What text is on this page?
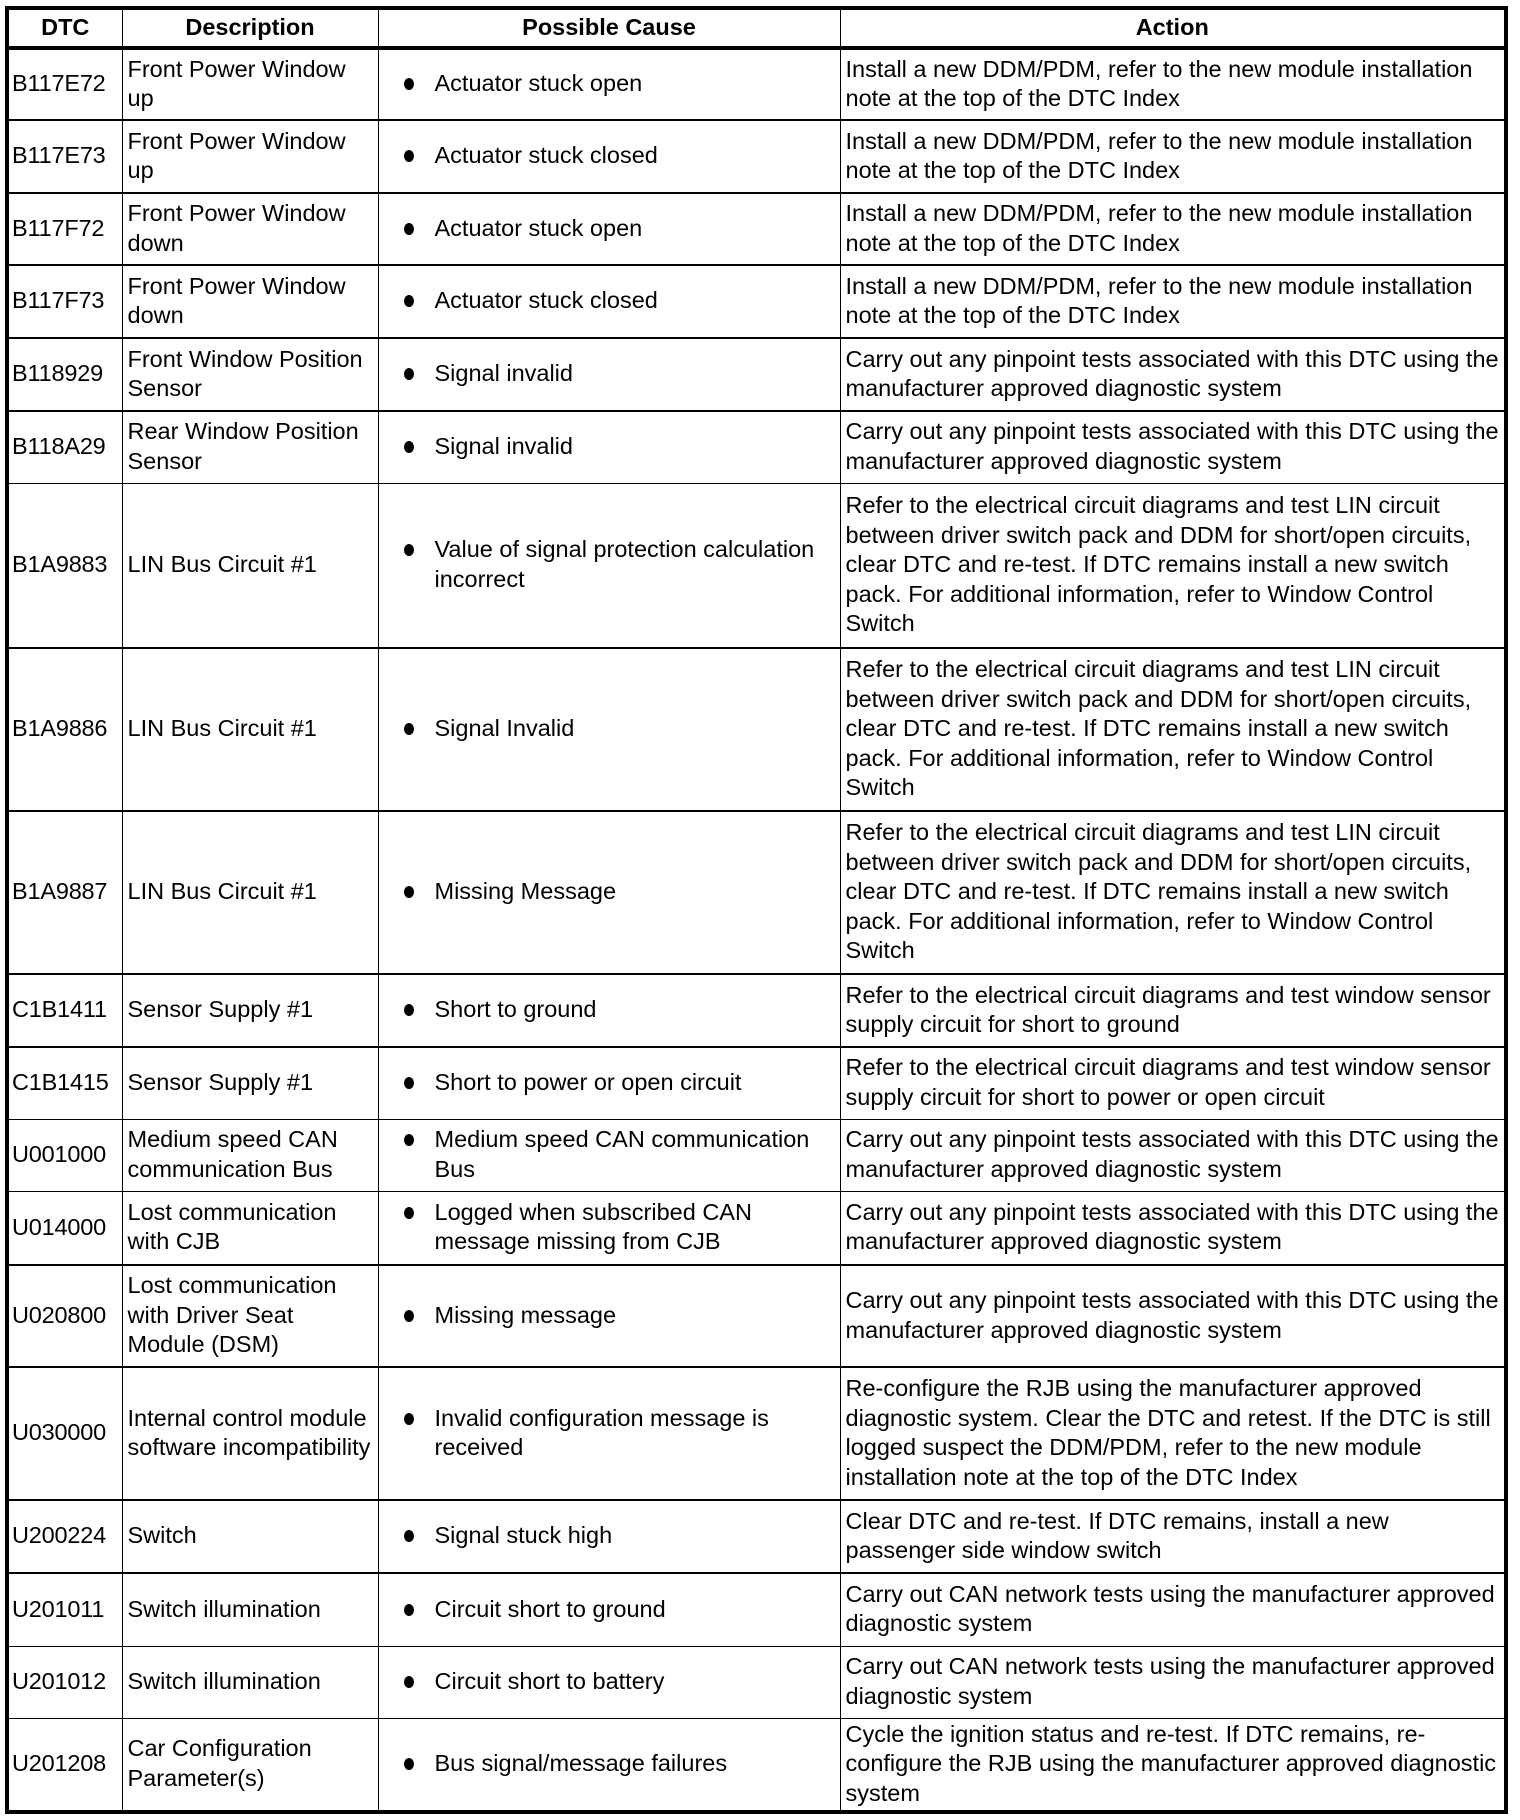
DTC	Description	Possible Cause	Action
B117E72	Front Power Window up	Actuator stuck open	Install a new DDM/PDM, refer to the new module installation note at the top of the DTC Index
B117E73	Front Power Window up	Actuator stuck closed	Install a new DDM/PDM, refer to the new module installation note at the top of the DTC Index
B117F72	Front Power Window down	Actuator stuck open	Install a new DDM/PDM, refer to the new module installation note at the top of the DTC Index
B117F73	Front Power Window down	Actuator stuck closed	Install a new DDM/PDM, refer to the new module installation note at the top of the DTC Index
B118929	Front Window Position Sensor	Signal invalid	Carry out any pinpoint tests associated with this DTC using the manufacturer approved diagnostic system
B118A29	Rear Window Position Sensor	Signal invalid	Carry out any pinpoint tests associated with this DTC using the manufacturer approved diagnostic system
B1A9883	LIN Bus Circuit #1	Value of signal protection calculation incorrect	Refer to the electrical circuit diagrams and test LIN circuit between driver switch pack and DDM for short/open circuits, clear DTC and re-test. If DTC remains install a new switch pack. For additional information, refer to Window Control Switch
B1A9886	LIN Bus Circuit #1	Signal Invalid	Refer to the electrical circuit diagrams and test LIN circuit between driver switch pack and DDM for short/open circuits, clear DTC and re-test. If DTC remains install a new switch pack. For additional information, refer to Window Control Switch
B1A9887	LIN Bus Circuit #1	Missing Message	Refer to the electrical circuit diagrams and test LIN circuit between driver switch pack and DDM for short/open circuits, clear DTC and re-test. If DTC remains install a new switch pack. For additional information, refer to Window Control Switch
C1B1411	Sensor Supply #1	Short to ground	Refer to the electrical circuit diagrams and test window sensor supply circuit for short to ground
C1B1415	Sensor Supply #1	Short to power or open circuit	Refer to the electrical circuit diagrams and test window sensor supply circuit for short to power or open circuit
U001000	Medium speed CAN communication Bus	Medium speed CAN communication Bus	Carry out any pinpoint tests associated with this DTC using the manufacturer approved diagnostic system
U014000	Lost communication with CJB	Logged when subscribed CAN message missing from CJB	Carry out any pinpoint tests associated with this DTC using the manufacturer approved diagnostic system
U020800	Lost communication with Driver Seat Module (DSM)	Missing message	Carry out any pinpoint tests associated with this DTC using the manufacturer approved diagnostic system
U030000	Internal control module software incompatibility	Invalid configuration message is received	Re-configure the RJB using the manufacturer approved diagnostic system. Clear the DTC and retest. If the DTC is still logged suspect the DDM/PDM, refer to the new module installation note at the top of the DTC Index
U200224	Switch	Signal stuck high	Clear DTC and re-test. If DTC remains, install a new passenger side window switch
U201011	Switch illumination	Circuit short to ground	Carry out CAN network tests using the manufacturer approved diagnostic system
U201012	Switch illumination	Circuit short to battery	Carry out CAN network tests using the manufacturer approved diagnostic system
U201208	Car Configuration Parameter(s)	Bus signal/message failures	Cycle the ignition status and re-test. If DTC remains, re-configure the RJB using the manufacturer approved diagnostic system
